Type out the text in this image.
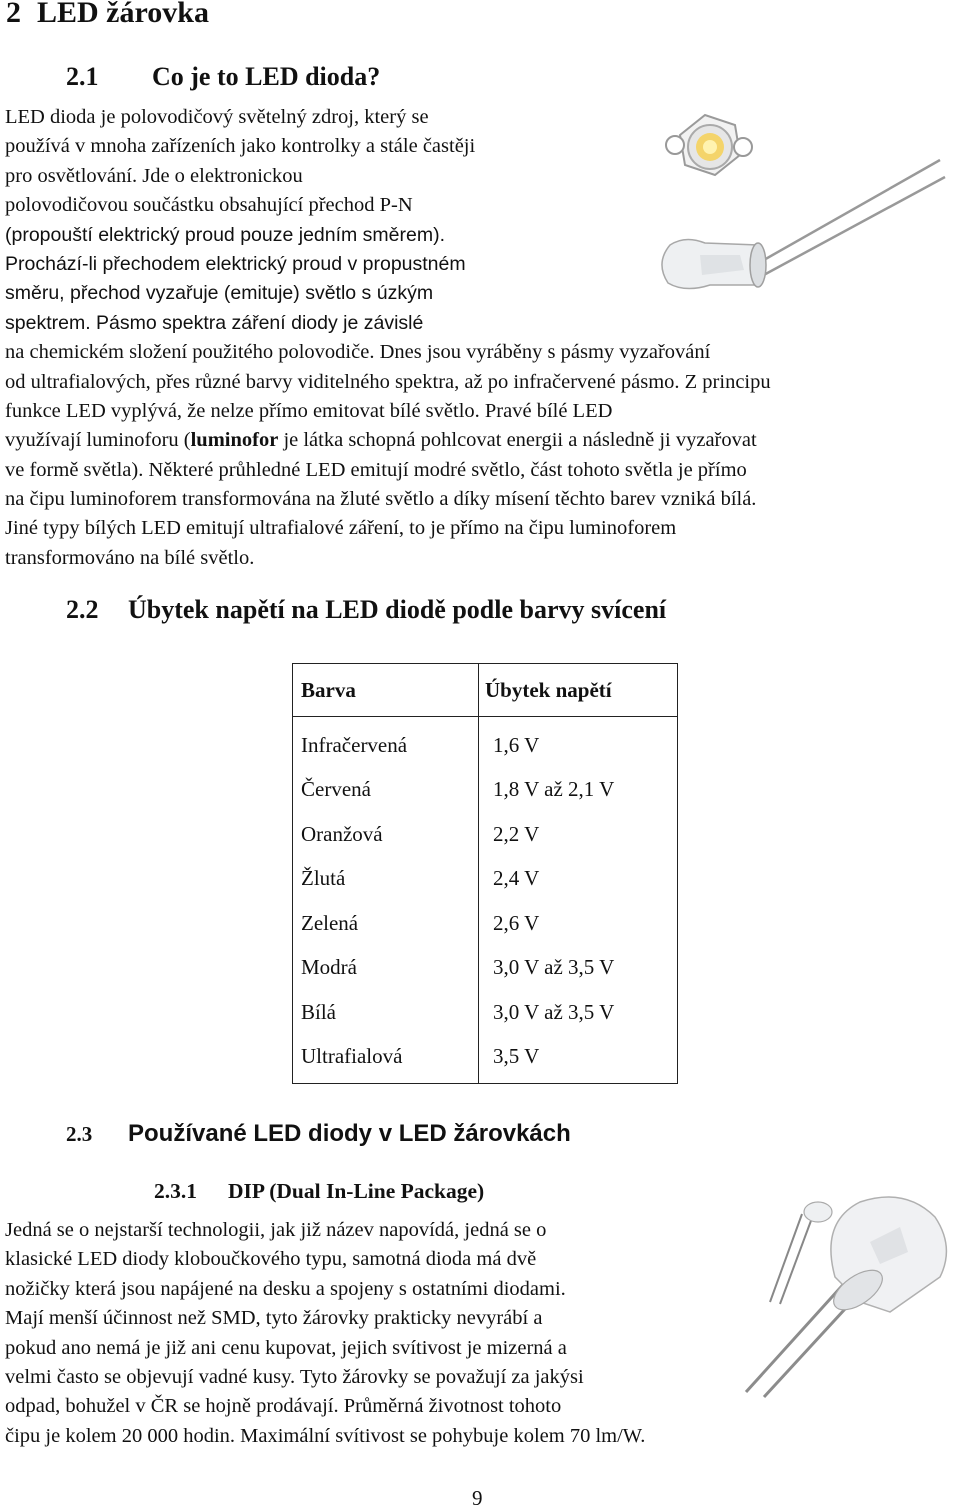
2 LED žárovka
2.1 Co je to LED dioda?
LED dioda je polovodičový světelný zdroj, který se
používá v mnoha zařízeních jako kontrolky a stále častěji
pro osvětlování. Jde o elektronickou
polovodičovou součástku obsahující přechod P-N
(propouští elektrický proud pouze jedním směrem).
Prochází-li přechodem elektrický proud v propustném
směru, přechod vyzařuje (emituje) světlo s úzkým
spektrem. Pásmo spektra záření diody je závislé
na chemickém složení použitého polovodiče. Dnes jsou vyráběny s pásmy vyzařování
od ultrafialových, přes různé barvy viditelného spektra, až po infračervené pásmo. Z principu
funkce LED vyplývá, že nelze přímo emitovat bílé světlo. Pravé bílé LED
využívají luminoforu (luminofor je látka schopná pohlcovat energii a následně ji vyzařovat
ve formě světla). Některé průhledné LED emitují modré světlo, část tohoto světla je přímo
na čipu luminoforem transformována na žluté světlo a díky mísení těchto barev vzniká bílá.
Jiné typy bílých LED emitují ultrafialové záření, to je přímo na čipu luminoforem
transformováno na bílé světlo.
2.2 Úbytek napětí na LED diodě podle barvy svícení
Barva	Úbytek napětí
Infračervená	1,6 V
Červená	1,8 V až 2,1 V
Oranžová	2,2 V
Žlutá	2,4 V
Zelená	2,6 V
Modrá	3,0 V až 3,5 V
Bílá	3,0 V až 3,5 V
Ultrafialová	3,5 V
2.3 Používané LED diody v LED žárovkách
2.3.1 DIP (Dual In-Line Package)
Jedná se o nejstarší technologii, jak již název napovídá, jedná se o
klasické LED diody kloboučkového typu, samotná dioda má dvě
nožičky která jsou napájené na desku a spojeny s ostatními diodami.
Mají menší účinnost než SMD, tyto žárovky prakticky nevyrábí a
pokud ano nemá je již ani cenu kupovat, jejich svítivost je mizerná a
velmi často se objevují vadné kusy. Tyto žárovky se považují za jakýsi
odpad, bohužel v ČR se hojně prodávají. Průměrná životnost tohoto
čipu je kolem 20 000 hodin. Maximální svítivost se pohybuje kolem 70 lm/W.
9
